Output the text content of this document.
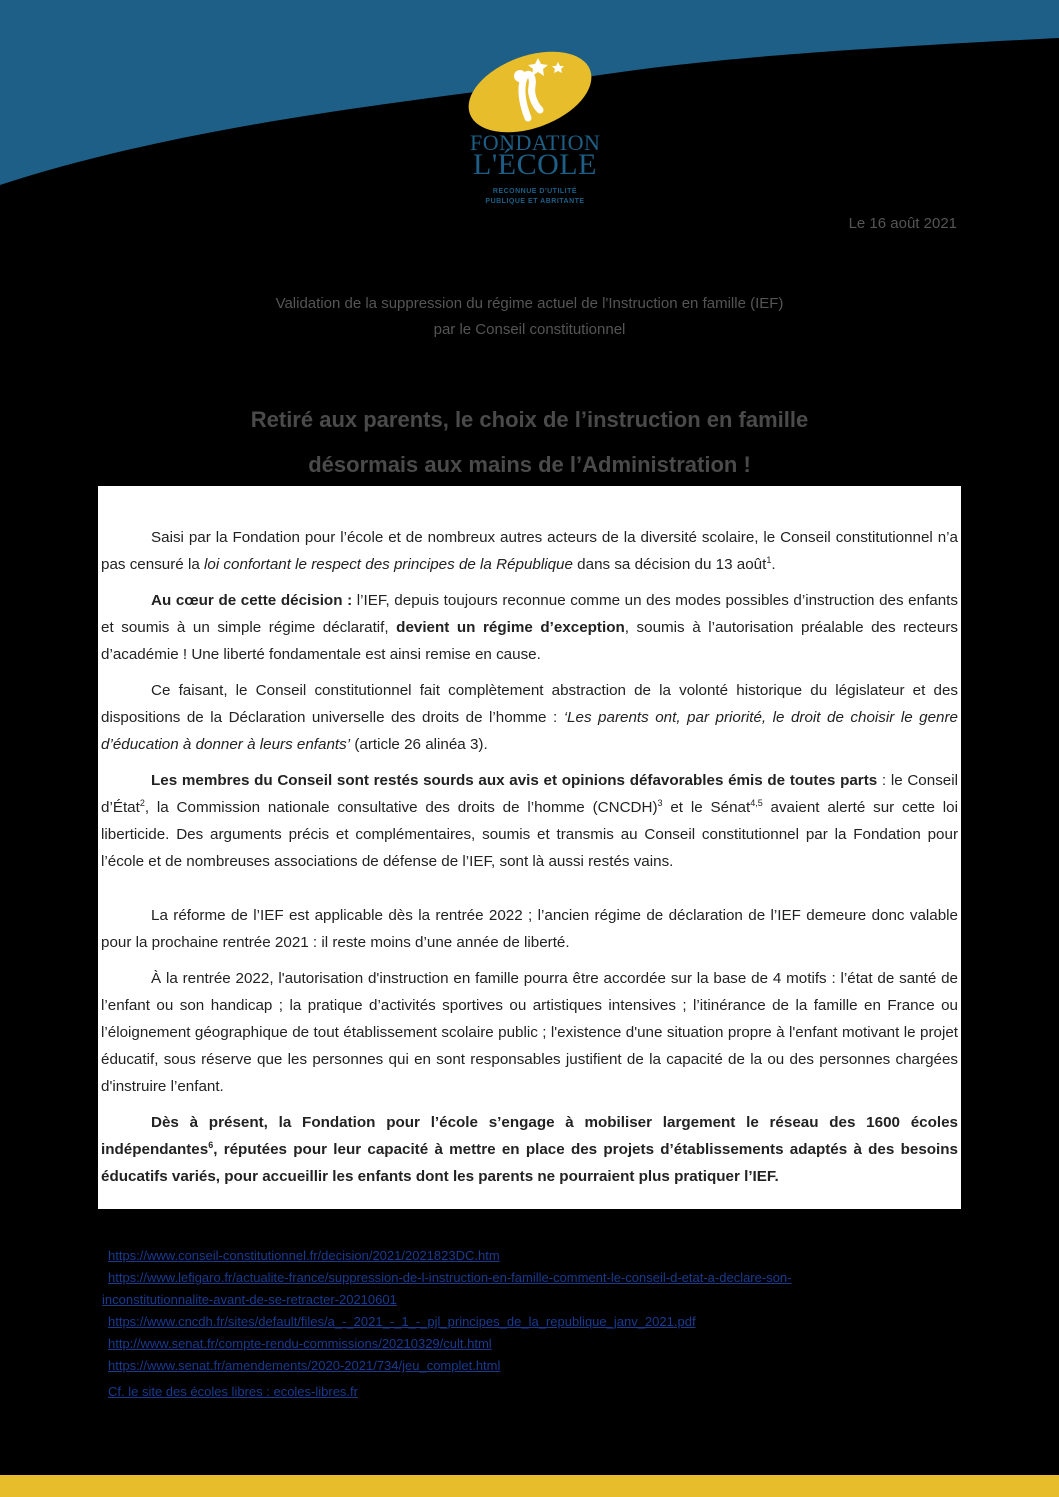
FONDATION
L'ÉCOLE
RECONNUE D'UTILITÉ
PUBLIQUE ET ABRITANTE
Le 16 août 2021
Validation de la suppression du régime actuel de l'Instruction en famille (IEF)
par le Conseil constitutionnel
Retiré aux parents, le choix de l’instruction en famille
désormais aux mains de l’Administration !

Saisi par la Fondation pour l’école et de nombreux autres acteurs de la diversité scolaire, le Conseil constitutionnel n’a pas censuré la loi confortant le respect des principes de la République dans sa décision du 13 août$^1$.

Au cœur de cette décision : l’IEF, depuis toujours reconnue comme un des modes possibles d’instruction des enfants et soumis à un simple régime déclaratif, devient un régime d’exception, soumis à l’autorisation préalable des recteurs d’académie ! Une liberté fondamentale est ainsi remise en cause.

Ce faisant, le Conseil constitutionnel fait complètement abstraction de la volonté historique du législateur et des dispositions de la Déclaration universelle des droits de l’homme : ‘Les parents ont, par priorité, le droit de choisir le genre d’éducation à donner à leurs enfants’ (article 26 alinéa 3).

Les membres du Conseil sont restés sourds aux avis et opinions défavorables émis de toutes parts : le Conseil d’État$^2$, la Commission nationale consultative des droits de l’homme (CNCDH)$^3$ et le Sénat$^{4,5}$ avaient alerté sur cette loi liberticide. Des arguments précis et complémentaires, soumis et transmis au Conseil constitutionnel par la Fondation pour l’école et de nombreuses associations de défense de l’IEF, sont là aussi restés vains.

La réforme de l’IEF est applicable dès la rentrée 2022 ; l’ancien régime de déclaration de l’IEF demeure donc valable pour la prochaine rentrée 2021 : il reste moins d’une année de liberté.

À la rentrée 2022, l'autorisation d'instruction en famille pourra être accordée sur la base de 4 motifs : l’état de santé de l’enfant ou son handicap ; la pratique d’activités sportives ou artistiques intensives ; l’itinérance de la famille en France ou l’éloignement géographique de tout établissement scolaire public ; l'existence d'une situation propre à l'enfant motivant le projet éducatif, sous réserve que les personnes qui en sont responsables justifient de la capacité de la ou des personnes chargées d'instruire l’enfant.

Dès à présent, la Fondation pour l’école s’engage à mobiliser largement le réseau des 1600 écoles indépendantes$^6$, réputées pour leur capacité à mettre en place des projets d’établissements adaptés à des besoins éducatifs variés, pour accueillir les enfants dont les parents ne pourraient plus pratiquer l’IEF.

https://www.conseil-constitutionnel.fr/decision/2021/2021823DC.htm
https://www.lefigaro.fr/actualite-france/suppression-de-l-instruction-en-famille-comment-le-conseil-d-etat-a-declare-son-
inconstitutionnalite-avant-de-se-retracter-20210601
https://www.cncdh.fr/sites/default/files/a_-_2021_-_1_-_pjl_principes_de_la_republique_janv_2021.pdf
http://www.senat.fr/compte-rendu-commissions/20210329/cult.html
https://www.senat.fr/amendements/2020-2021/734/jeu_complet.html
Cf. le site des écoles libres : ecoles-libres.fr
